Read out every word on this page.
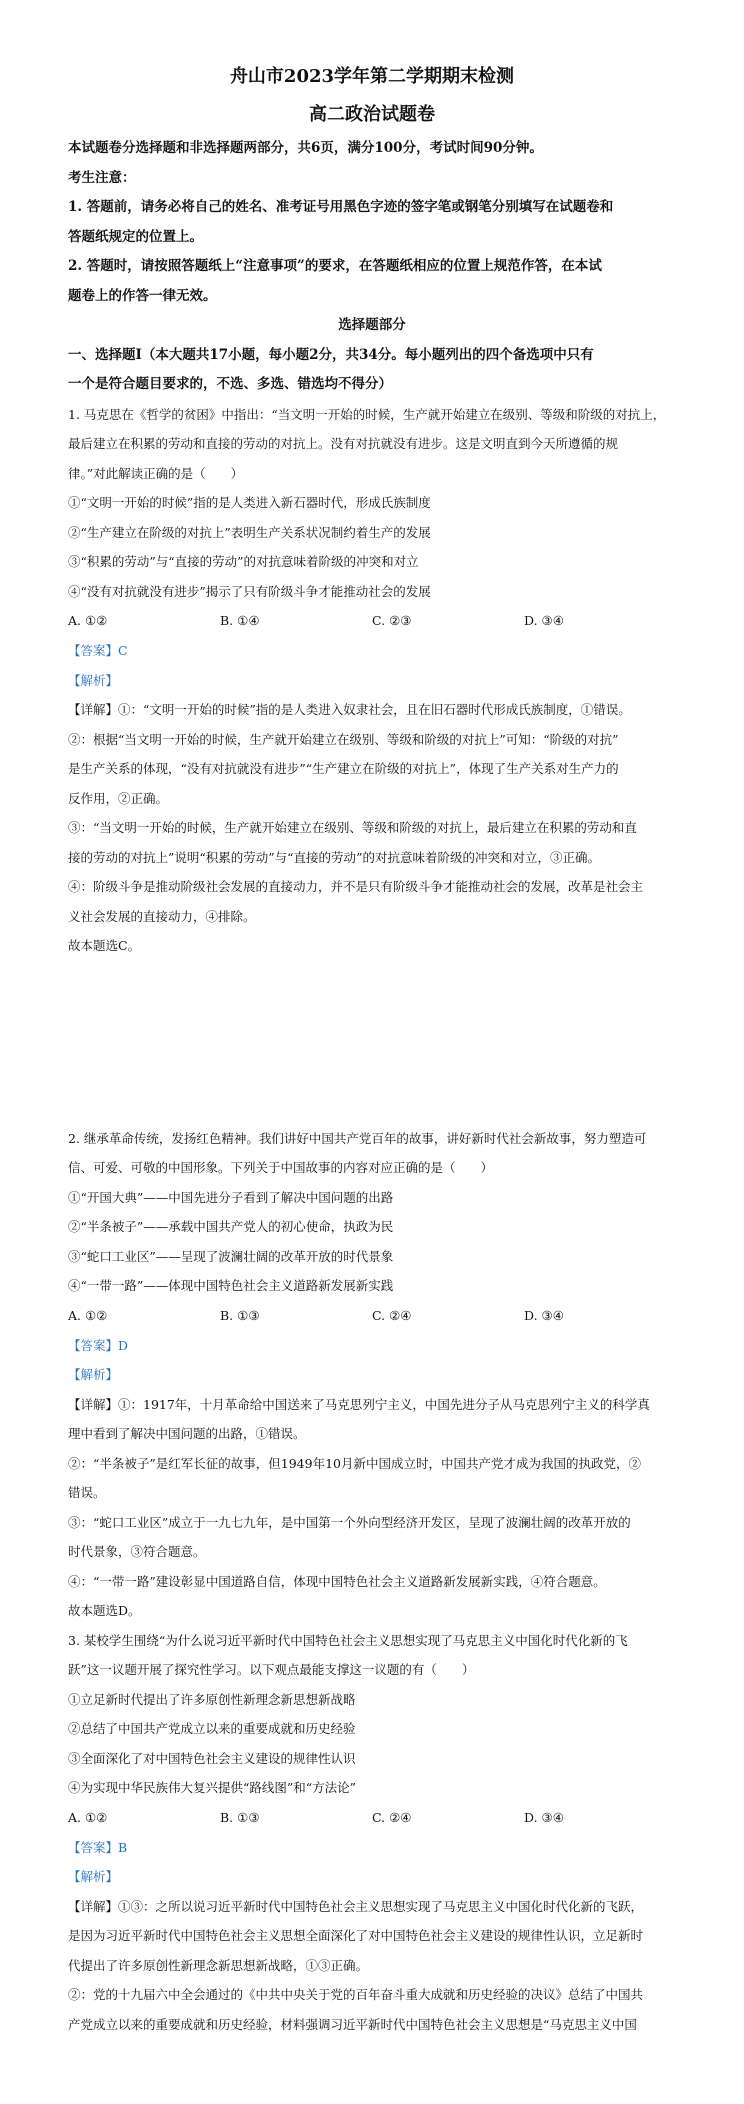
舟山市2023学年第二学期期末检测
高二政治试题卷
本试题卷分选择题和非选择题两部分，共6页，满分100分，考试时间90分钟。
考生注意：
1. 答题前，请务必将自己的姓名、准考证号用黑色字迹的签字笔或钢笔分别填写在试题卷和
答题纸规定的位置上。
2. 答题时，请按照答题纸上“注意事项”的要求，在答题纸相应的位置上规范作答，在本试
题卷上的作答一律无效。
选择题部分
一、选择题Ⅰ（本大题共17小题，每小题2分，共34分。每小题列出的四个备选项中只有
一个是符合题目要求的，不选、多选、错选均不得分）
1. 马克思在《哲学的贫困》中指出：“当文明一开始的时候，生产就开始建立在级别、等级和阶级的对抗上，
最后建立在积累的劳动和直接的劳动的对抗上。没有对抗就没有进步。这是文明直到今天所遵循的规
律。”对此解读正确的是（　　）
①“文明一开始的时候”指的是人类进入新石器时代，形成氏族制度
②“生产建立在阶级的对抗上”表明生产关系状况制约着生产的发展
③“积累的劳动”与“直接的劳动”的对抗意味着阶级的冲突和对立
④“没有对抗就没有进步”揭示了只有阶级斗争才能推动社会的发展
A. ①②	B. ①④	C. ②③	D. ③④
【答案】C
【解析】
【详解】①：“文明一开始的时候”指的是人类进入奴隶社会，且在旧石器时代形成氏族制度，①错误。
②：根据“当文明一开始的时候，生产就开始建立在级别、等级和阶级的对抗上”可知：“阶级的对抗”
是生产关系的体现，“没有对抗就没有进步”“生产建立在阶级的对抗上”，体现了生产关系对生产力的
反作用，②正确。
③：“当文明一开始的时候，生产就开始建立在级别、等级和阶级的对抗上，最后建立在积累的劳动和直
接的劳动的对抗上”说明“积累的劳动”与“直接的劳动”的对抗意味着阶级的冲突和对立，③正确。
④：阶级斗争是推动阶级社会发展的直接动力，并不是只有阶级斗争才能推动社会的发展，改革是社会主
义社会发展的直接动力，④排除。
故本题选C。
2. 继承革命传统，发扬红色精神。我们讲好中国共产党百年的故事，讲好新时代社会新故事，努力塑造可
信、可爱、可敬的中国形象。下列关于中国故事的内容对应正确的是（　　）
①“开国大典”——中国先进分子看到了解决中国问题的出路
②“半条被子”——承载中国共产党人的初心使命，执政为民
③“蛇口工业区”——呈现了波澜壮阔的改革开放的时代景象
④“一带一路”——体现中国特色社会主义道路新发展新实践
A. ①②	B. ①③	C. ②④	D. ③④
【答案】D
【解析】
【详解】①：1917年，十月革命给中国送来了马克思列宁主义，中国先进分子从马克思列宁主义的科学真
理中看到了解决中国问题的出路，①错误。
②：“半条被子”是红军长征的故事，但1949年10月新中国成立时，中国共产党才成为我国的执政党，②
错误。
③：“蛇口工业区”成立于一九七九年，是中国第一个外向型经济开发区，呈现了波澜壮阔的改革开放的
时代景象，③符合题意。
④：“一带一路”建设彰显中国道路自信，体现中国特色社会主义道路新发展新实践，④符合题意。
故本题选D。
3. 某校学生围绕“为什么说习近平新时代中国特色社会主义思想实现了马克思主义中国化时代化新的飞
跃”这一议题开展了探究性学习。以下观点最能支撑这一议题的有（　　）
①立足新时代提出了许多原创性新理念新思想新战略
②总结了中国共产党成立以来的重要成就和历史经验
③全面深化了对中国特色社会主义建设的规律性认识
④为实现中华民族伟大复兴提供“路线图”和“方法论”
A. ①②	B. ①③	C. ②④	D. ③④
【答案】B
【解析】
【详解】①③：之所以说习近平新时代中国特色社会主义思想实现了马克思主义中国化时代化新的飞跃，
是因为习近平新时代中国特色社会主义思想全面深化了对中国特色社会主义建设的规律性认识，立足新时
代提出了许多原创性新理念新思想新战略，①③正确。
②：党的十九届六中全会通过的《中共中央关于党的百年奋斗重大成就和历史经验的决议》总结了中国共
产党成立以来的重要成就和历史经验，材料强调习近平新时代中国特色社会主义思想是“马克思主义中国
